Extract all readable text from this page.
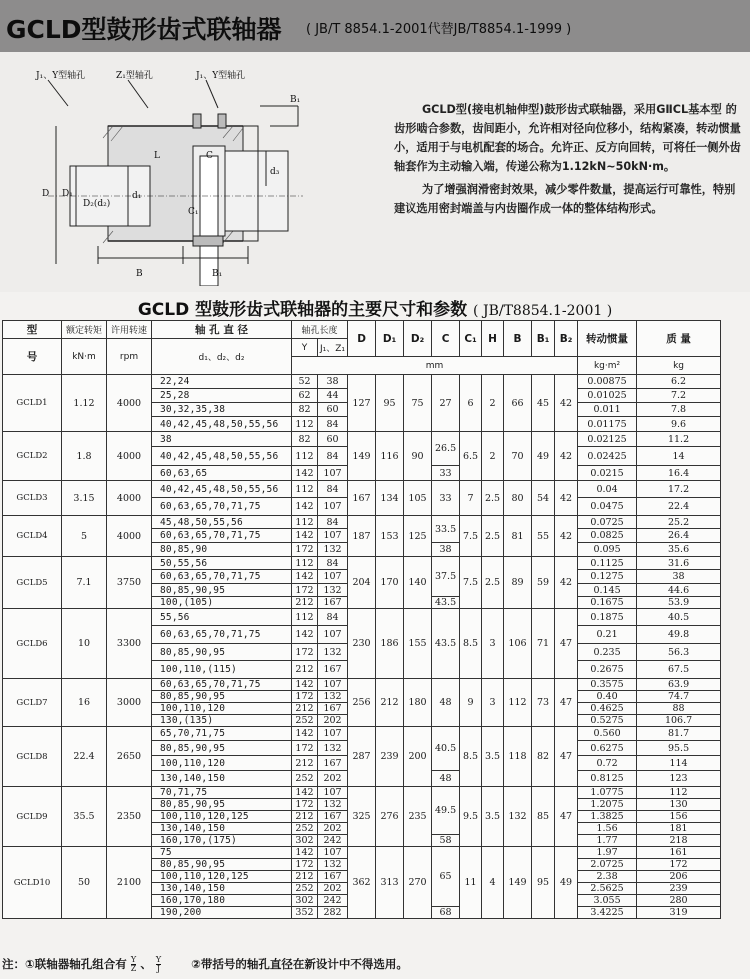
GCLD型鼓形齿式联轴器 ( JB/T 8854.1-2001代替JB/T8854.1-1999 )
J₁、Y型轴孔	Z₁型轴孔	J₁、Y型轴孔
B₁
D D₁
D₂(d₂)
d₁
d₃
L	C
C₁
B	B₁

GCLD型(接电机轴伸型)鼓形齿式联轴器，采用GⅡCL基本型 的齿形啮合参数，齿间距小，允许相对径向位移小，结构紧凑，转动惯量小，适用于与电机配套的场合。允许正、反方向回转，可将任一侧外齿轴套作为主动输入端，传递公称为1.12kN~50kN·m。

为了增强润滑密封效果，减少零件数量，提高运行可靠性，特别建议选用密封端盖与内齿圈作成一体的整体结构形式。

GCLD 型鼓形齿式联轴器的主要尺寸和参数 ( JB/T8854.1-2001 )
型	额定转矩	许用转速	轴 孔 直 径	轴孔长度		D	D₁	D₂	C	C₁	H	B	B₁	B₂	转动惯量	质 量
号	kN·m	rpm	d₁、d₂、d₂	Y	J₁、Z₁											
				mm											kg·m²	kg
GCLD1	1.12	4000	22,24	52	38	127	95	75	27	6	2	66	45	42	0.00875	6.2
			25,28	62	44										0.01025	7.2
			30,32,35,38	82	60										0.011	7.8
			40,42,45,48,50,55,56	112	84										0.01175	9.6
GCLD2	1.8	4000	38	82	60	149	116	90	26.5	6.5	2	70	49	42	0.02125	11.2
			40,42,45,48,50,55,56	112	84										0.02425	14
			60,63,65	142	107				33						0.0215	16.4
GCLD3	3.15	4000	40,42,45,48,50,55,56	112	84	167	134	105	33	7	2.5	80	54	42	0.04	17.2
			60,63,65,70,71,75	142	107										0.0475	22.4
GCLD4	5	4000	45,48,50,55,56	112	84	187	153	125	33.5	7.5	2.5	81	55	42	0.0725	25.2
			60,63,65,70,71,75	142	107										0.0825	26.4
			80,85,90	172	132				38						0.095	35.6
GCLD5	7.1	3750	50,55,56	112	84	204	170	140	37.5	7.5	2.5	89	59	42	0.1125	31.6
			60,63,65,70,71,75	142	107										0.1275	38
			80,85,90,95	172	132										0.145	44.6
			100,(105)	212	167				43.5						0.1675	53.9
GCLD6	10	3300	55,56	112	84	230	186	155	43.5	8.5	3	106	71	47	0.1875	40.5
			60,63,65,70,71,75	142	107										0.21	49.8
			80,85,90,95	172	132										0.235	56.3
			100,110,(115)	212	167										0.2675	67.5
GCLD7	16	3000	60,63,65,70,71,75	142	107	256	212	180	48	9	3	112	73	47	0.3575	63.9
			80,85,90,95	172	132										0.40	74.7
			100,110,120	212	167										0.4625	88
			130,(135)	252	202										0.5275	106.7
GCLD8	22.4	2650	65,70,71,75	142	107	287	239	200	40.5	8.5	3.5	118	82	47	0.560	81.7
			80,85,90,95	172	132										0.6275	95.5
			100,110,120	212	167										0.72	114
			130,140,150	252	202				48						0.8125	123
GCLD9	35.5	2350	70,71,75	142	107	325	276	235	49.5	9.5	3.5	132	85	47	1.0775	112
			80,85,90,95	172	132										1.2075	130
			100,110,120,125	212	167										1.3825	156
			130,140,150	252	202										1.56	181
			160,170,(175)	302	242				58						1.77	218
GCLD10	50	2100	75	142	107	362	313	270	65	11	4	149	95	49	1.97	161
			80,85,90,95	172	132										2.0725	172
			100,110,120,125	212	167										2.38	206
			130,140,150	252	202										2.5625	239
			160,170,180	302	242										3.055	280
			190,200	352	282				68						3.4225	319
注：①联轴器轴孔组合有 $\frac{Y}{Z}$ 、 $\frac{Y}{J}$	②带括号的轴孔直径在新设计中不得选用。
